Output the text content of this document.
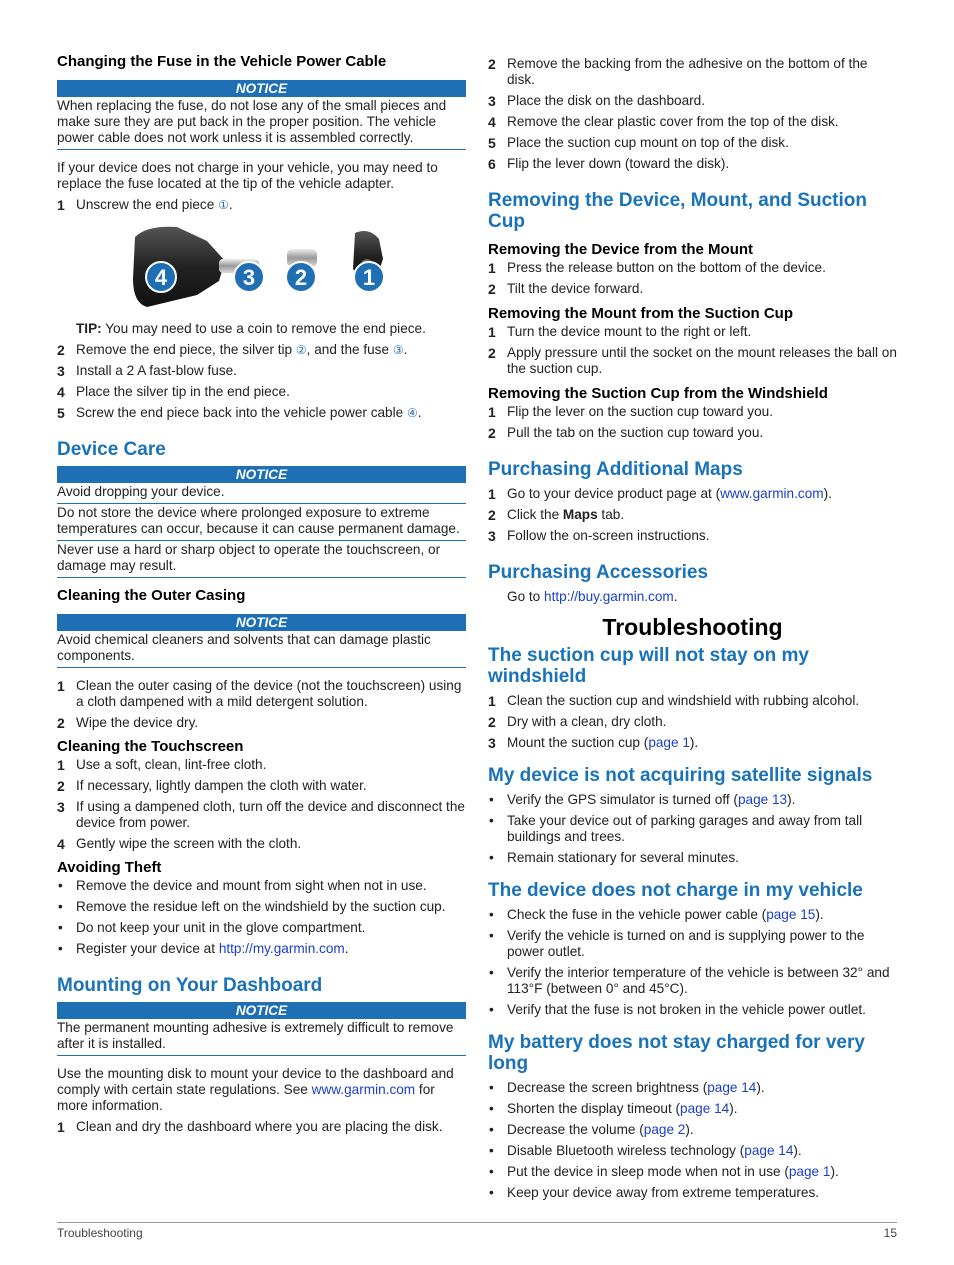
Changing the Fuse in the Vehicle Power Cable
NOTICE
When replacing the fuse, do not lose any of the small pieces and make sure they are put back in the proper position. The vehicle power cable does not work unless it is assembled correctly.

If your device does not charge in your vehicle, you may need to replace the fuse located at the tip of the vehicle adapter.

1 Unscrew the end piece ①.
4	3 2	1

TIP: You may need to use a coin to remove the end piece.

2 Remove the end piece, the silver tip ②, and the fuse ③.
3 Install a 2 A fast-blow fuse.
4 Place the silver tip in the end piece.
5 Screw the end piece back into the vehicle power cable ④.
Device Care
NOTICE
Avoid dropping your device.
Do not store the device where prolonged exposure to extreme temperatures can occur, because it can cause permanent damage.
Never use a hard or sharp object to operate the touchscreen, or damage may result.
Cleaning the Outer Casing
NOTICE
Avoid chemical cleaners and solvents that can damage plastic components.
1 Clean the outer casing of the device (not the touchscreen) using a cloth dampened with a mild detergent solution.
2 Wipe the device dry.
Cleaning the Touchscreen
1 Use a soft, clean, lint-free cloth.
2 If necessary, lightly dampen the cloth with water.
3 If using a dampened cloth, turn off the device and disconnect the device from power.
4 Gently wipe the screen with the cloth.
Avoiding Theft
• Remove the device and mount from sight when not in use.
• Remove the residue left on the windshield by the suction cup.
• Do not keep your unit in the glove compartment.
• Register your device at http://my.garmin.com.
Mounting on Your Dashboard
NOTICE
The permanent mounting adhesive is extremely difficult to remove after it is installed.

Use the mounting disk to mount your device to the dashboard and comply with certain state regulations. See www.garmin.com for more information.

1 Clean and dry the dashboard where you are placing the disk.
2 Remove the backing from the adhesive on the bottom of the disk.
3 Place the disk on the dashboard.
4 Remove the clear plastic cover from the top of the disk.
5 Place the suction cup mount on top of the disk.
6 Flip the lever down (toward the disk).
Removing the Device, Mount, and Suction Cup
Removing the Device from the Mount
1 Press the release button on the bottom of the device.
2 Tilt the device forward.
Removing the Mount from the Suction Cup
1 Turn the device mount to the right or left.
2 Apply pressure until the socket on the mount releases the ball on the suction cup.
Removing the Suction Cup from the Windshield
1 Flip the lever on the suction cup toward you.
2 Pull the tab on the suction cup toward you.
Purchasing Additional Maps
1 Go to your device product page at (www.garmin.com).
2 Click the Maps tab.
3 Follow the on-screen instructions.
Purchasing Accessories

Go to http://buy.garmin.com.

Troubleshooting
The suction cup will not stay on my windshield
1 Clean the suction cup and windshield with rubbing alcohol.
2 Dry with a clean, dry cloth.
3 Mount the suction cup (page 1).
My device is not acquiring satellite signals
• Verify the GPS simulator is turned off (page 13).
• Take your device out of parking garages and away from tall buildings and trees.
• Remain stationary for several minutes.
The device does not charge in my vehicle
• Check the fuse in the vehicle power cable (page 15).
• Verify the vehicle is turned on and is supplying power to the power outlet.
• Verify the interior temperature of the vehicle is between 32° and 113°F (between 0° and 45°C).
• Verify that the fuse is not broken in the vehicle power outlet.
My battery does not stay charged for very long
• Decrease the screen brightness (page 14).
• Shorten the display timeout (page 14).
• Decrease the volume (page 2).
• Disable Bluetooth wireless technology (page 14).
• Put the device in sleep mode when not in use (page 1).
• Keep your device away from extreme temperatures.
Troubleshooting	15
